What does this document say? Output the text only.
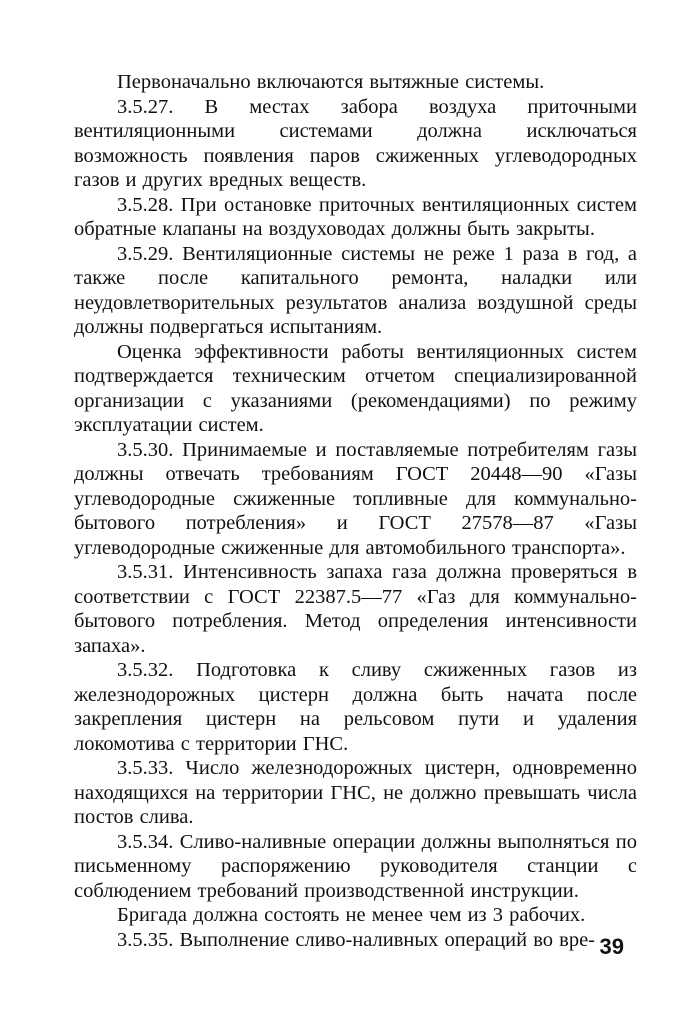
Первоначально включаются вытяжные системы.

3.5.27. В местах забора воздуха приточными вентиляционными системами должна исключаться возможность появления паров сжиженных углеводородных газов и других вредных веществ.

3.5.28. При остановке приточных вентиляционных систем обратные клапаны на воздуховодах должны быть закрыты.

3.5.29. Вентиляционные системы не реже 1 раза в год, а также после капитального ремонта, наладки или неудовлетворительных результатов анализа воздушной среды должны подвергаться испытаниям.

Оценка эффективности работы вентиляционных систем подтверждается техническим отчетом специализированной организации с указаниями (рекомендациями) по режиму эксплуатации систем.

3.5.30. Принимаемые и поставляемые потребителям газы должны отвечать требованиям ГОСТ 20448—90 «Газы углеводородные сжиженные топливные для коммунально-бытового потребления» и ГОСТ 27578—87 «Газы углеводородные сжиженные для автомобильного транспорта».

3.5.31. Интенсивность запаха газа должна проверяться в соответствии с ГОСТ 22387.5—77 «Газ для коммунально-бытового потребления. Метод определения интенсивности запаха».

3.5.32. Подготовка к сливу сжиженных газов из железнодорожных цистерн должна быть начата после закрепления цистерн на рельсовом пути и удаления локомотива с территории ГНС.

3.5.33. Число железнодорожных цистерн, одновременно находящихся на территории ГНС, не должно превышать числа постов слива.

3.5.34. Сливо-наливные операции должны выполняться по письменному распоряжению руководителя станции с соблюдением требований производственной инструкции.

Бригада должна состоять не менее чем из 3 рабочих.

3.5.35. Выполнение сливо-наливных операций во вре- 39
